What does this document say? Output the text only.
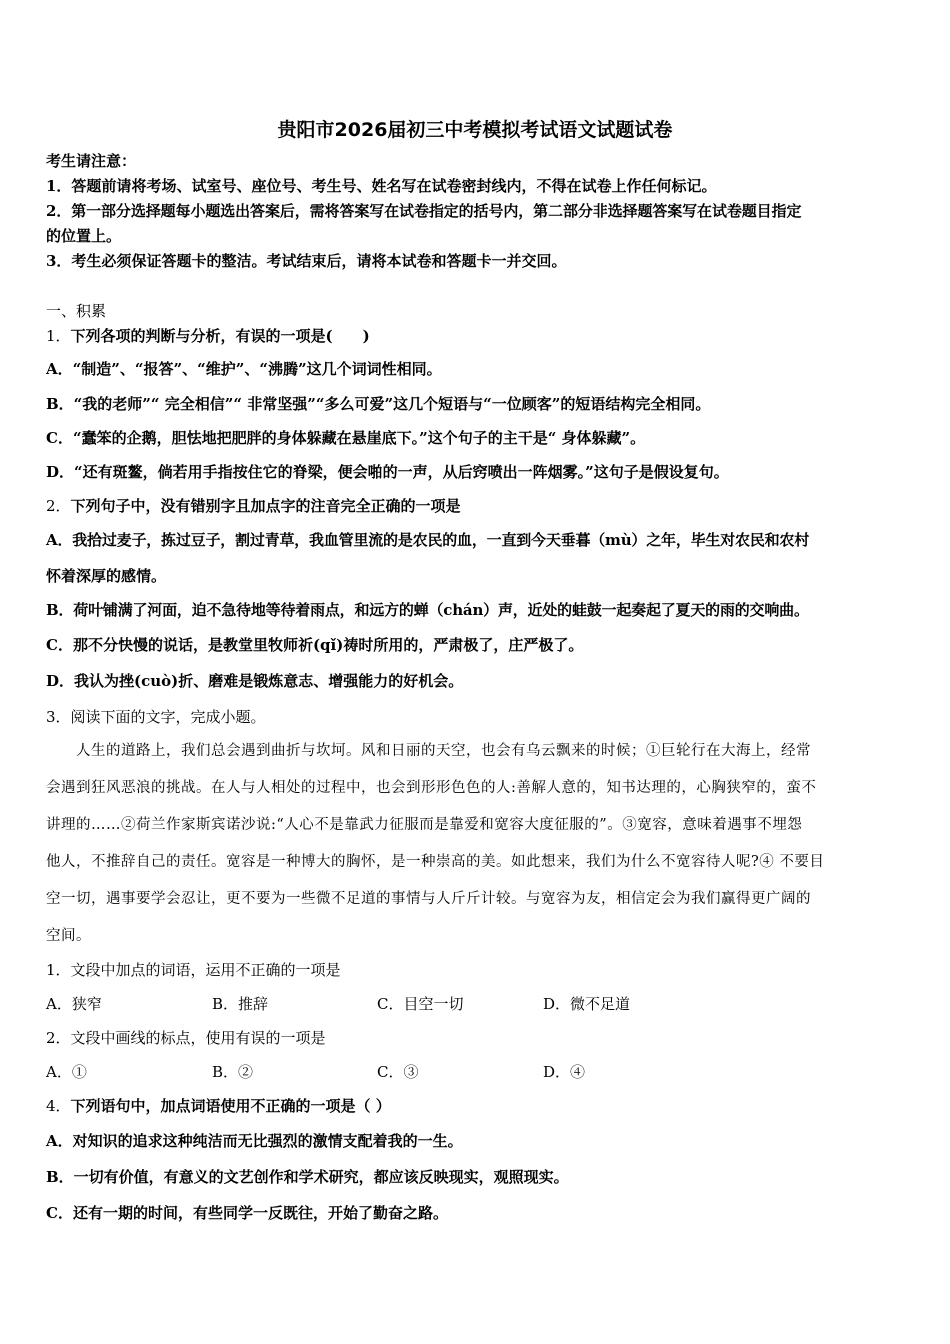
贵阳市2026届初三中考模拟考试语文试题试卷
考生请注意：
1．答题前请将考场、试室号、座位号、考生号、姓名写在试卷密封线内，不得在试卷上作任何标记。
2．第一部分选择题每小题选出答案后，需将答案写在试卷指定的括号内，第二部分非选择题答案写在试卷题目指定
的位置上。
3．考生必须保证答题卡的整洁。考试结束后，请将本试卷和答题卡一并交回。
一、积累
1．下列各项的判断与分析，有误的一项是(　　)
A．“制造”、“报答”、“维护”、“沸腾”这几个词词性相同。
B．“我的老师”“ 完全相信”“ 非常坚强”“多么可爱”这几个短语与“一位顾客”的短语结构完全相同。
C．“蠢笨的企鹅，胆怯地把肥胖的身体躲藏在悬崖底下。”这个句子的主干是“ 身体躲藏”。
D．“还有斑鳌，倘若用手指按住它的脊梁，便会啪的一声，从后窍喷出一阵烟雾。”这句子是假设复句。
2．下列句子中，没有错别字且加点字的注音完全正确的一项是
A．我拾过麦子，拣过豆子，割过青草，我血管里流的是农民的血，一直到今天垂暮（mù）之年，毕生对农民和农村
怀着深厚的感情。
B．荷叶铺满了河面，迫不急待地等待着雨点，和远方的蝉（chán）声，近处的蛙鼓一起奏起了夏天的雨的交响曲。
C．那不分快慢的说话，是教堂里牧师祈(qǐ)祷时所用的，严肃极了，庄严极了。
D．我认为挫(cuò)折、磨难是锻炼意志、增强能力的好机会。
3．阅读下面的文字，完成小题。
　　人生的道路上，我们总会遇到曲折与坎坷。风和日丽的天空，也会有乌云飘来的时候；①巨轮行在大海上，经常
会遇到狂风恶浪的挑战。在人与人相处的过程中，也会到形形色色的人:善解人意的，知书达理的，心胸狭窄的，蛮不
讲理的……②荷兰作家斯宾诺沙说:“人心不是靠武力征服而是靠爱和宽容大度征服的”。③宽容，意味着遇事不埋怨
他人，不推辞自己的责任。宽容是一种博大的胸怀，是一种崇高的美。如此想来，我们为什么不宽容待人呢?④ 不要目
空一切，遇事要学会忍让，更不要为一些微不足道的事情与人斤斤计较。与宽容为友，相信定会为我们赢得更广阔的
空间。
1．文段中加点的词语，运用不正确的一项是
A．狭窄	B．推辞	C．目空一切	D．微不足道
2．文段中画线的标点，使用有误的一项是
A．①	B．②	C．③	D．④
4．下列语句中，加点词语使用不正确的一项是（ ）
A．对知识的追求这种纯洁而无比强烈的激情支配着我的一生。
B．一切有价值，有意义的文艺创作和学术研究，都应该反映现实，观照现实。
C．还有一期的时间，有些同学一反既往，开始了勤奋之路。
